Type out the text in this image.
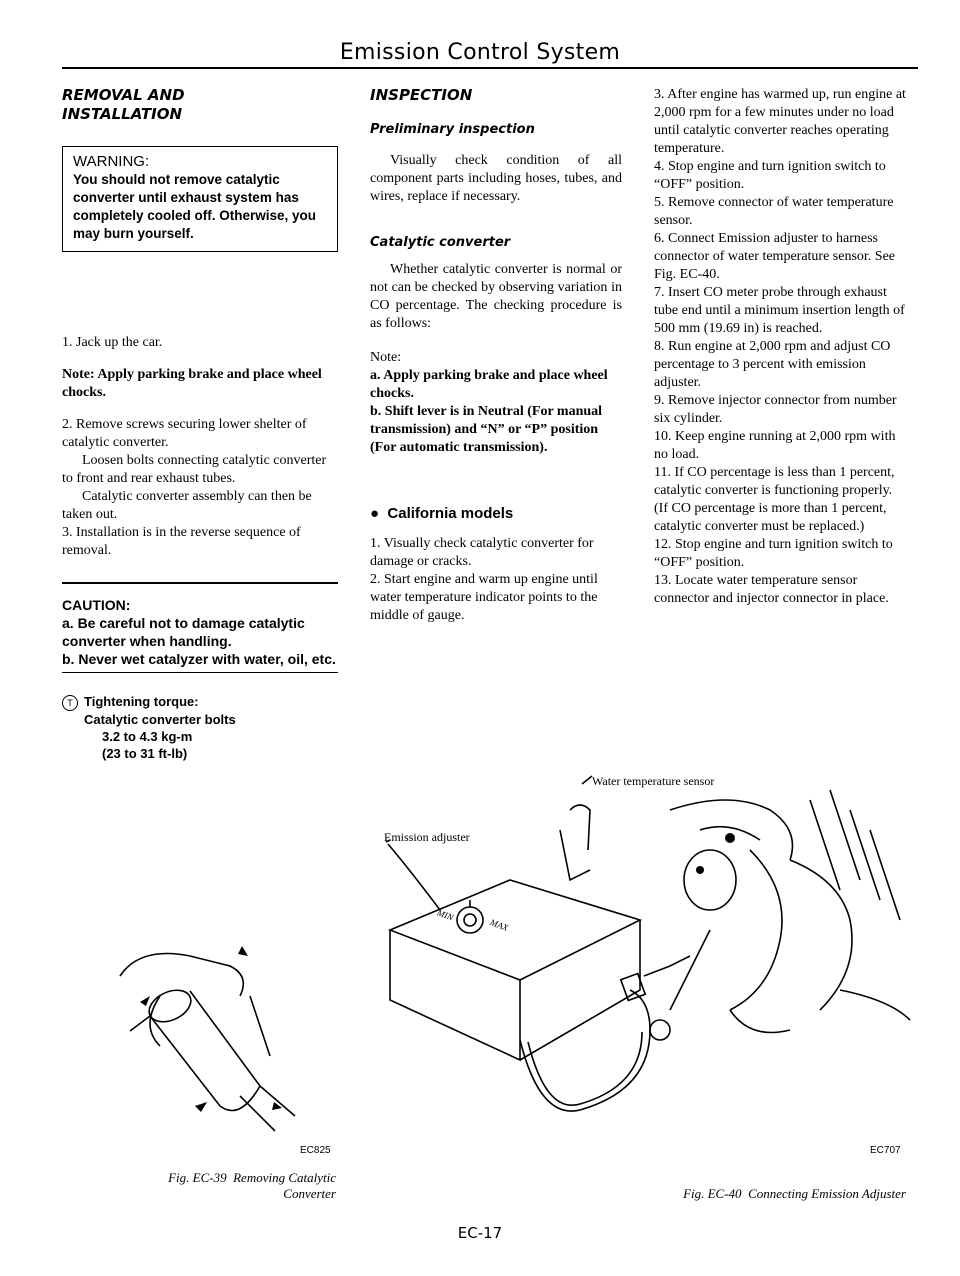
Emission Control System
REMOVAL AND
INSTALLATION
WARNING:
You should not remove catalytic converter until exhaust system has completely cooled off. Otherwise, you may burn yourself.

1. Jack up the car.

Note: Apply parking brake and place wheel chocks.

2. Remove screws securing lower shelter of catalytic converter.

Loosen bolts connecting catalytic converter to front and rear exhaust tubes.

Catalytic converter assembly can then be taken out.

3. Installation is in the reverse sequence of removal.

CAUTION:
a. Be careful not to damage catalytic converter when handling.
b. Never wet catalyzer with water, oil, etc.
T Tightening torque:
Catalytic converter bolts
3.2 to 4.3 kg-m
(23 to 31 ft-lb)
EC825
Fig. EC-39 Removing Catalytic
Converter
INSPECTION
Preliminary inspection

Visually check condition of all component parts including hoses, tubes, and wires, replace if necessary.

Catalytic converter

Whether catalytic converter is normal or not can be checked by observing variation in CO percentage. The checking procedure is as follows:

Note:

a. Apply parking brake and place wheel chocks.

b. Shift lever is in Neutral (For manual transmission) and “N” or “P” position (For automatic transmission).

●  California models

1. Visually check catalytic converter for damage or cracks.

2. Start engine and warm up engine until water temperature indicator points to the middle of gauge.

3. After engine has warmed up, run engine at 2,000 rpm for a few minutes under no load until catalytic converter reaches operating temperature.

4. Stop engine and turn ignition switch to “OFF” position.

5. Remove connector of water temperature sensor.

6. Connect Emission adjuster to harness connector of water temperature sensor. See Fig. EC-40.

7. Insert CO meter probe through exhaust tube end until a minimum insertion length of 500 mm (19.69 in) is reached.

8. Run engine at 2,000 rpm and adjust CO percentage to 3 percent with emission adjuster.

9. Remove injector connector from number six cylinder.

10. Keep engine running at 2,000 rpm with no load.

11. If CO percentage is less than 1 percent, catalytic converter is functioning properly. (If CO percentage is more than 1 percent, catalytic converter must be replaced.)

12. Stop engine and turn ignition switch to “OFF” position.

13. Locate water temperature sensor connector and injector connector in place.

Water temperature sensor
Emission adjuster
MIN
MAX
EC707
Fig. EC-40 Connecting Emission Adjuster
EC-17
